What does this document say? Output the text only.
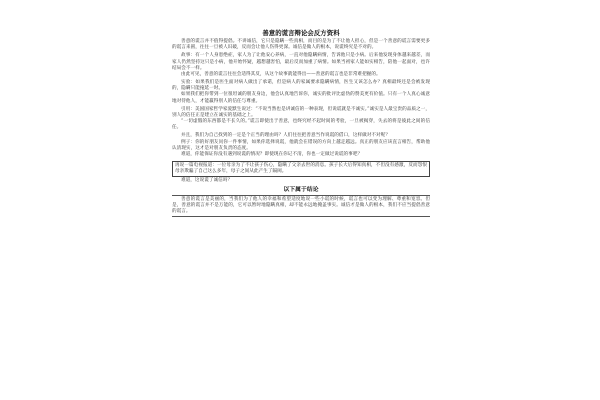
善意的谎言辩论会反方资料

善意的谎言并不值得提倡。不讲诚信，它只是隐瞒一些真相，而目的是为了不让他人担心，但是一个善意的谎言需要更多的谎言来圆，往往一旦被人识破，反而会让他人伤得更深。诚信是做人的根本，说谎终究是不对的。

故事：有一个人身患绝症，家人为了让他安心养病，一直对他隐瞒病情，告诉他只是小病。后来他发现身体越来越差，而家人仍然坚持这只是小病，他开始怀疑，越想越害怕，最后反而加重了病情。如果当初家人能如实相告，陪他一起面对，也许结局会不一样。

由此可见，善意的谎言往往会适得其反，从这个故事就能得出——善意的谎言也是非常难把握的。

实验：如果我们是医生面对病人做出了承诺，但是病人的家属要求隐瞒病情，医生又该怎么办？真相最终还是会被发现的，隐瞒只能拖延一时。

如果我们把你带到一位很坦诚的朋友身边，他会认真地告诉你，诚实的批评比虚伪的赞美更有价值。只有一个人真心诚意地对待他人，才能赢得别人的信任与尊重。

引用：美国国家哲学家爱默生说过：“不说当然也是讲诚信的一种表现，但说谎就是不诚实。”诚实是人最宝贵的品质之一，别人的信任正是建立在诚实的基础之上。

“一切虚假的东西都是不长久的。”谎言即使出于善意，也终究经不起时间的考验，一旦被揭穿，失去的将是彼此之间的信任。

并且，我们为自己找到的一定是个正当的理由吗？人们往往把善意当作说谎的借口，这样做对不对呢？

例子：你的好朋友问你一件事情，如果你选择说谎，他就会在错误的方向上越走越远。真正的朋友应该直言相告，帮助他认清现实，这才是对朋友负责的态度。

难道，你能保证你没有遇到说谎的情况？即使现在你记不清，你也一定做过说谎的事吧？

再说一篇电视报道：一位母亲为了不让孩子伤心，隐瞒了父亲去世的消息。孩子长大后得知真相，不但没有感激，反而怨恨母亲欺骗了自己这么多年，母子之间从此产生了隔阂。

难道，这说谎了诚信吗？

以下属于结论

善意的谎言是美丽的，当我们为了他人的幸福和希望适度地说一些小谎的时候，谎言也可以变为理解、尊重和宽容。但是，善意的谎言并不是万能的，它可以暂时地隐瞒真相，却不能永远地掩盖事实。诚信才是做人的根本，我们不应当提倡善意的谎言。
